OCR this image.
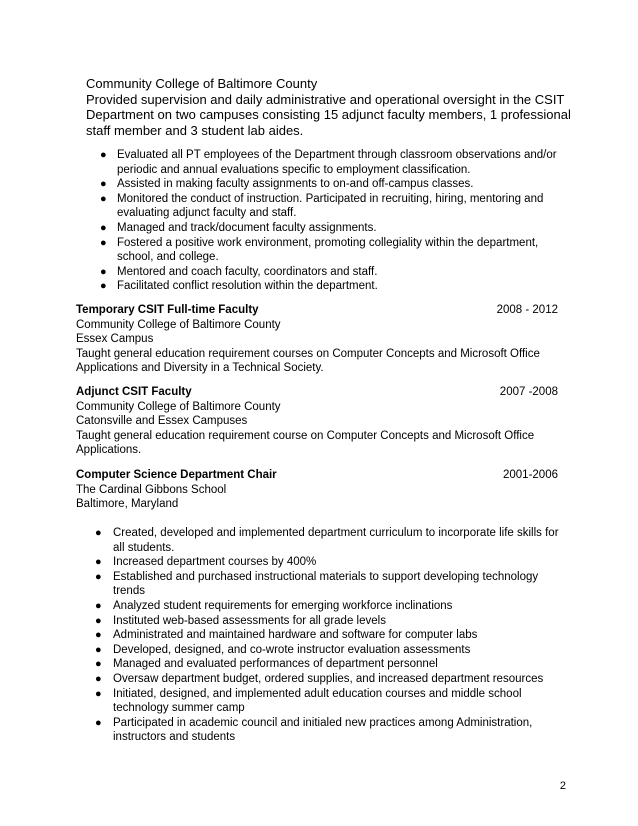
Community College of Baltimore County
Provided supervision and daily administrative and operational oversight in the CSIT
Department on two campuses consisting 15 adjunct faculty members, 1 professional
staff member and 3 student lab aides.
● Evaluated all PT employees of the Department through classroom observations and/or periodic and annual evaluations specific to employment classification.
● Assisted in making faculty assignments to on-and off-campus classes.
● Monitored the conduct of instruction. Participated in recruiting, hiring, mentoring and evaluating adjunct faculty and staff.
● Managed and track/document faculty assignments.
● Fostered a positive work environment, promoting collegiality within the department, school, and college.
● Mentored and coach faculty, coordinators and staff.
● Facilitated conflict resolution within the department.
Temporary CSIT Full-time Faculty	2008 - 2012
Community College of Baltimore County
Essex Campus
Taught general education requirement courses on Computer Concepts and Microsoft Office Applications and Diversity in a Technical Society.
Adjunct CSIT Faculty	2007 -2008
Community College of Baltimore County
Catonsville and Essex Campuses
Taught general education requirement course on Computer Concepts and Microsoft Office Applications.
Computer Science Department Chair	2001-2006
The Cardinal Gibbons School
Baltimore, Maryland
● Created, developed and implemented department curriculum to incorporate life skills for all students.
● Increased department courses by 400%
● Established and purchased instructional materials to support developing technology trends
● Analyzed student requirements for emerging workforce inclinations
● Instituted web-based assessments for all grade levels
● Administrated and maintained hardware and software for computer labs
● Developed, designed, and co-wrote instructor evaluation assessments
● Managed and evaluated performances of department personnel
● Oversaw department budget, ordered supplies, and increased department resources
● Initiated, designed, and implemented adult education courses and middle school technology summer camp
● Participated in academic council and initialed new practices among Administration, instructors and students
2
